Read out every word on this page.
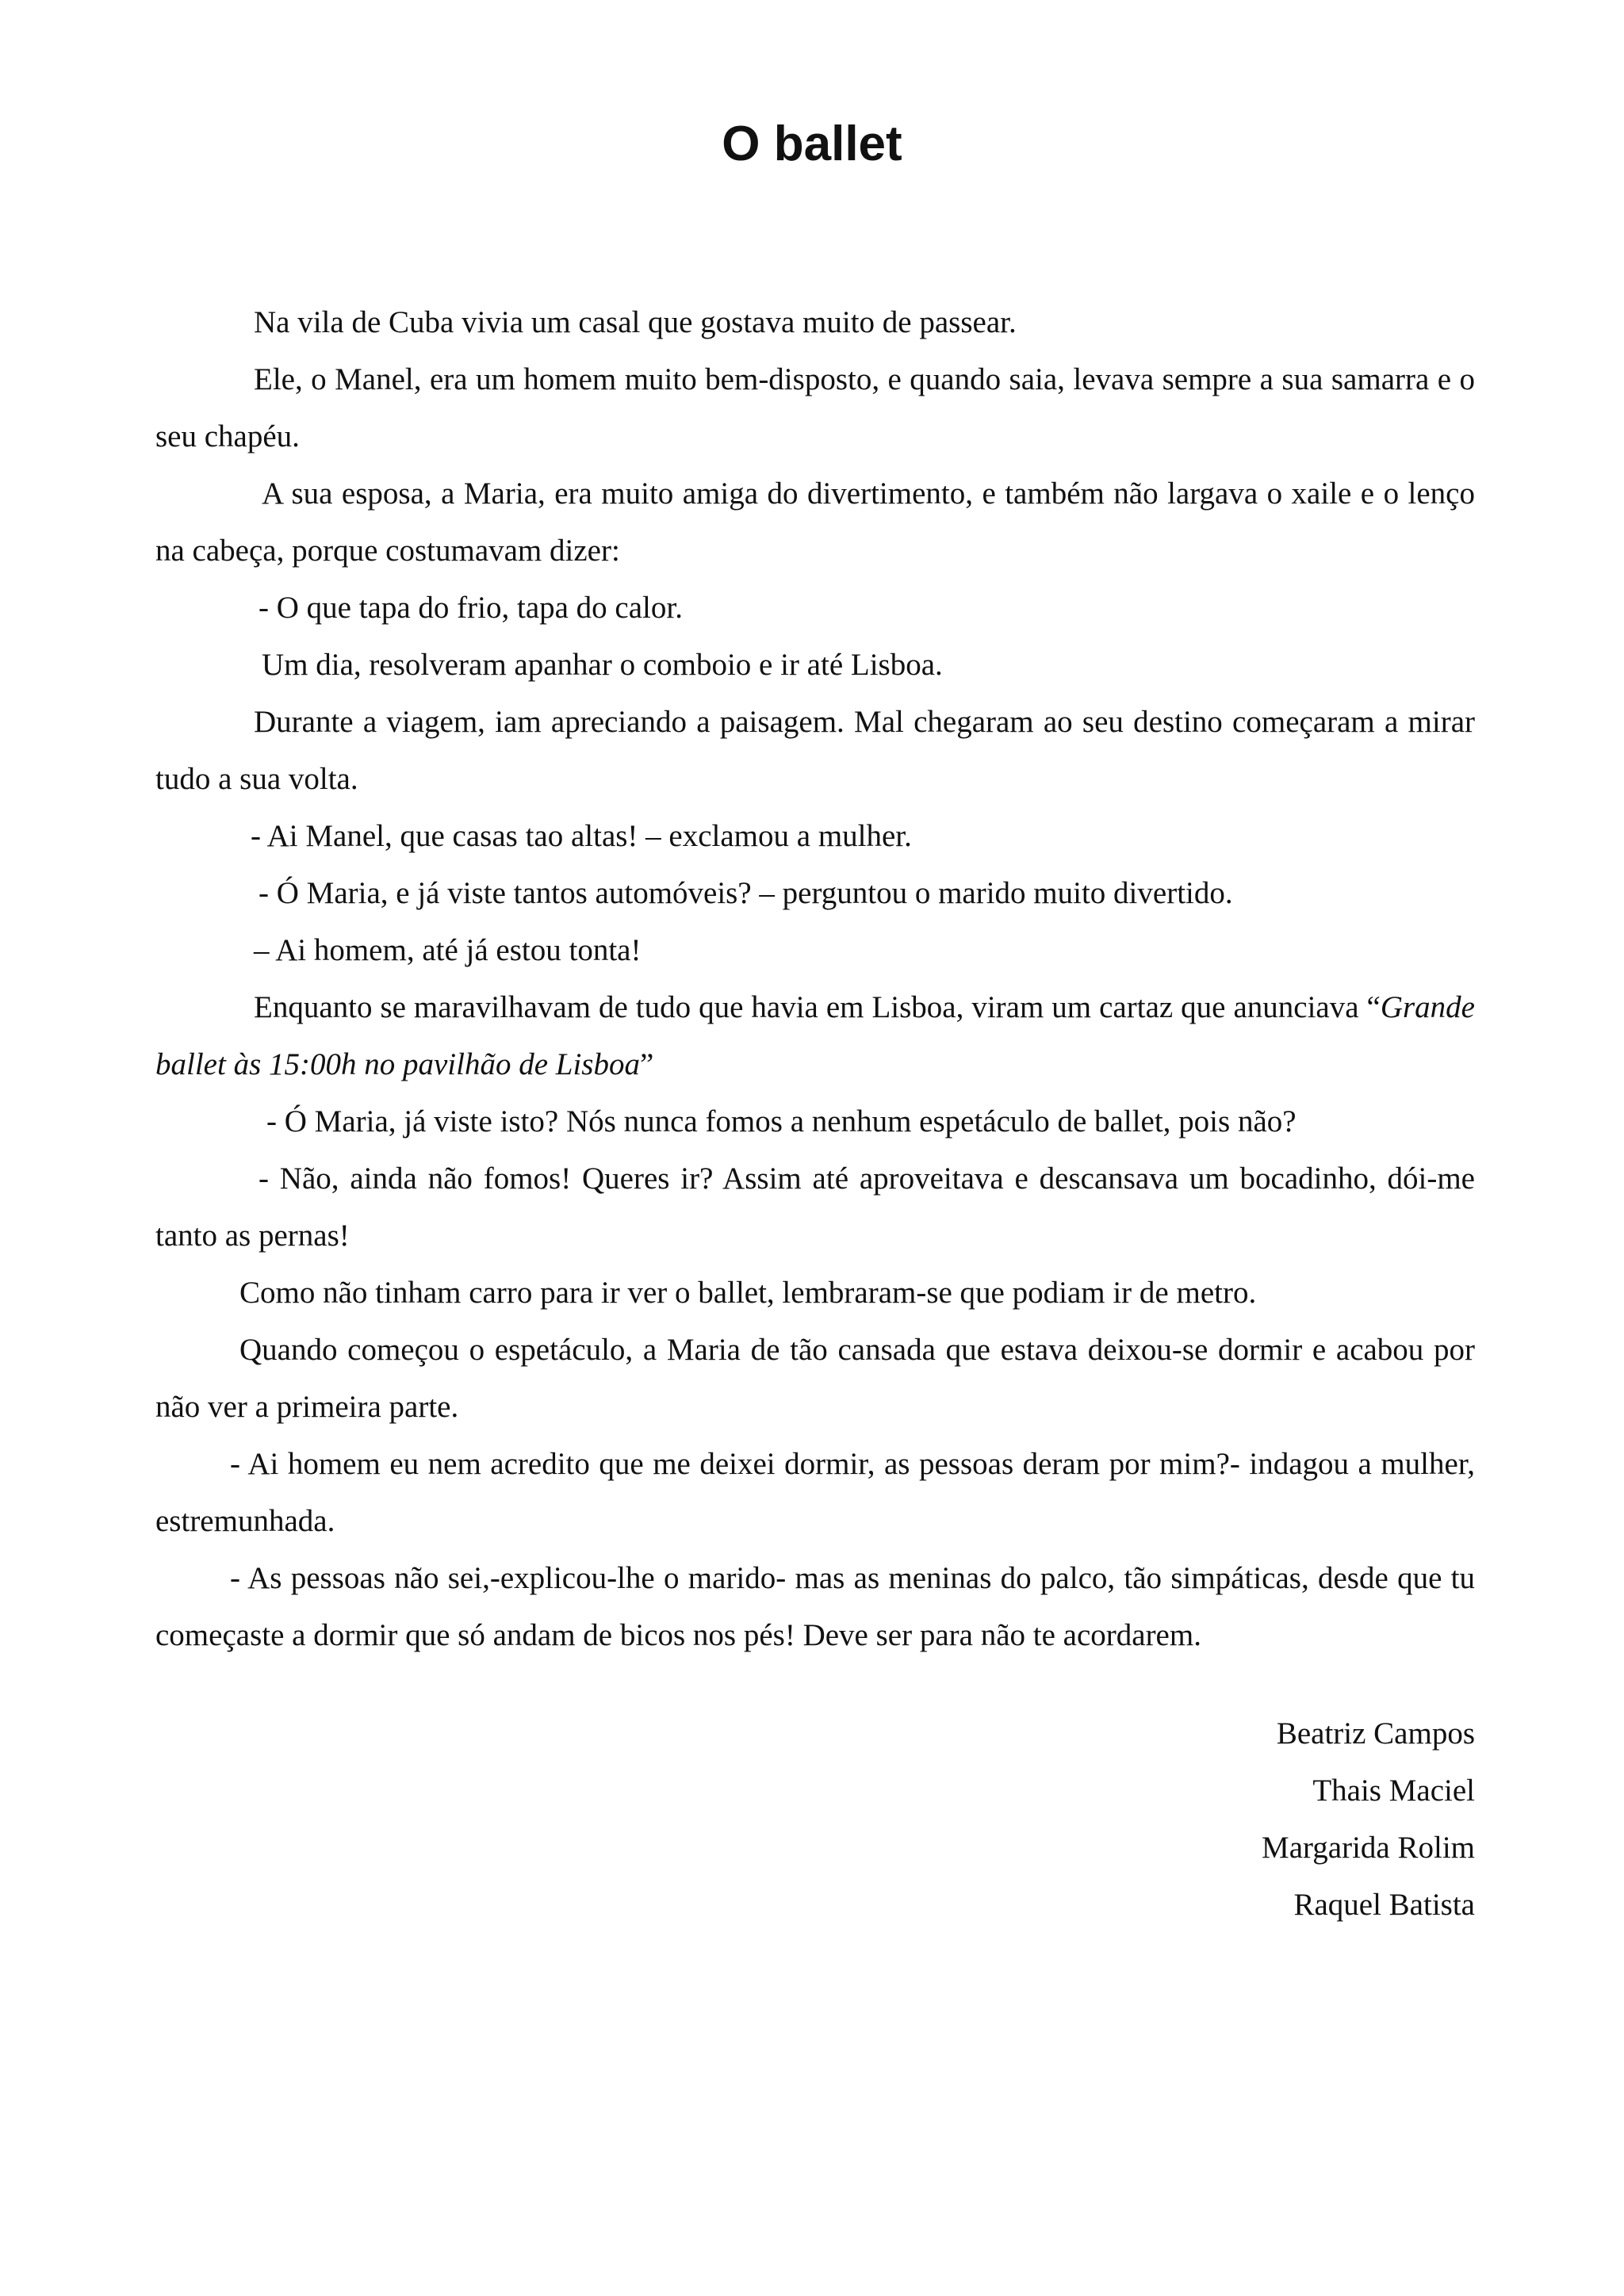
O ballet

Na vila de Cuba vivia um casal que gostava muito de passear.

Ele, o Manel, era um homem muito bem-disposto, e quando saia, levava sempre a sua samarra e o seu chapéu.

A sua esposa, a Maria, era muito amiga do divertimento, e também não largava o xaile e o lenço na cabeça, porque costumavam dizer:

- O que tapa do frio, tapa do calor.

Um dia, resolveram apanhar o comboio e ir até Lisboa.

Durante a viagem, iam apreciando a paisagem. Mal chegaram ao seu destino começaram a mirar tudo a sua volta.

- Ai Manel, que casas tao altas! – exclamou a mulher.

- Ó Maria, e já viste tantos automóveis? – perguntou o marido muito divertido.

– Ai homem, até já estou tonta!

Enquanto se maravilhavam de tudo que havia em Lisboa, viram um cartaz que anunciava “Grande ballet às 15:00h no pavilhão de Lisboa”

- Ó Maria, já viste isto? Nós nunca fomos a nenhum espetáculo de ballet, pois não?

- Não, ainda não fomos! Queres ir? Assim até aproveitava e descansava um bocadinho, dói-me tanto as pernas!

Como não tinham carro para ir ver o ballet, lembraram-se que podiam ir de metro.

Quando começou o espetáculo, a Maria de tão cansada que estava deixou-se dormir e acabou por não ver a primeira parte.

- Ai homem eu nem acredito que me deixei dormir, as pessoas deram por mim?- indagou a mulher, estremunhada.

- As pessoas não sei,-explicou-lhe o marido- mas as meninas do palco, tão simpáticas, desde que tu começaste a dormir que só andam de bicos nos pés! Deve ser para não te acordarem.

Beatriz Campos
Thais Maciel
Margarida Rolim
Raquel Batista
